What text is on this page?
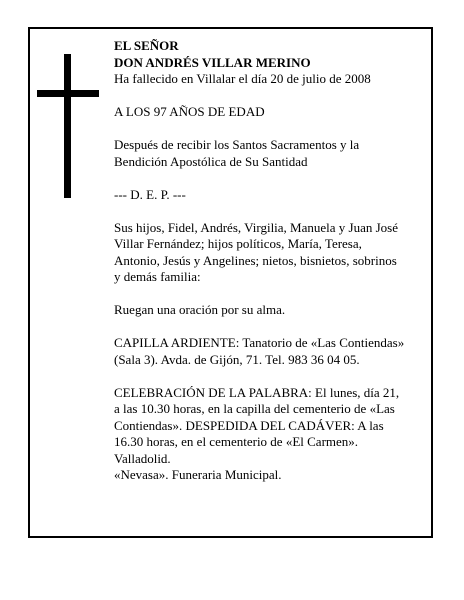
EL SEÑOR
DON ANDRÉS VILLAR MERINO

Ha fallecido en Villalar el día 20 de julio de 2008

A LOS 97 AÑOS DE EDAD

Después de recibir los Santos Sacramentos y la
Bendición Apostólica de Su Santidad

--- D. E. P. ---

Sus hijos, Fidel, Andrés, Virgilia, Manuela y Juan José
Villar Fernández; hijos políticos, María, Teresa,
Antonio, Jesús y Angelines; nietos, bisnietos, sobrinos
y demás familia:

Ruegan una oración por su alma.

CAPILLA ARDIENTE: Tanatorio de «Las Contiendas»
(Sala 3). Avda. de Gijón, 71. Tel. 983 36 04 05.

CELEBRACIÓN DE LA PALABRA: El lunes, día 21,
a las 10.30 horas, en la capilla del cementerio de «Las
Contiendas». DESPEDIDA DEL CADÁVER: A las
16.30 horas, en el cementerio de «El Carmen».
Valladolid.
«Nevasa». Funeraria Municipal.
